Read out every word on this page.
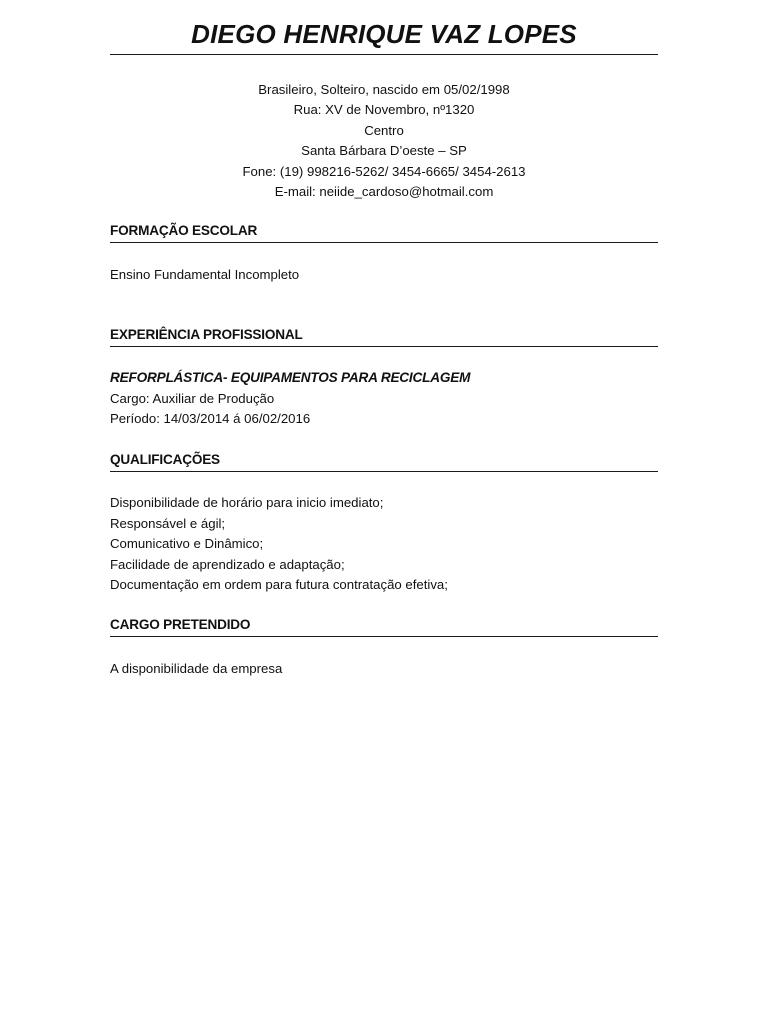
DIEGO HENRIQUE VAZ LOPES
Brasileiro, Solteiro, nascido em 05/02/1998
Rua: XV de Novembro, nº1320
Centro
Santa Bárbara D’oeste – SP
Fone: (19) 998216-5262/ 3454-6665/ 3454-2613
E-mail: neiide_cardoso@hotmail.com
FORMAÇÃO ESCOLAR
Ensino Fundamental Incompleto
EXPERIÊNCIA PROFISSIONAL
REFORPLÁSTICA- EQUIPAMENTOS PARA RECICLAGEM
Cargo: Auxiliar de Produção
Período: 14/03/2014 á 06/02/2016
QUALIFICAÇÕES
Disponibilidade de horário para inicio imediato;
Responsável e ágil;
Comunicativo e Dinâmico;
Facilidade de aprendizado e adaptação;
Documentação em ordem para futura contratação efetiva;
CARGO PRETENDIDO
A disponibilidade da empresa
